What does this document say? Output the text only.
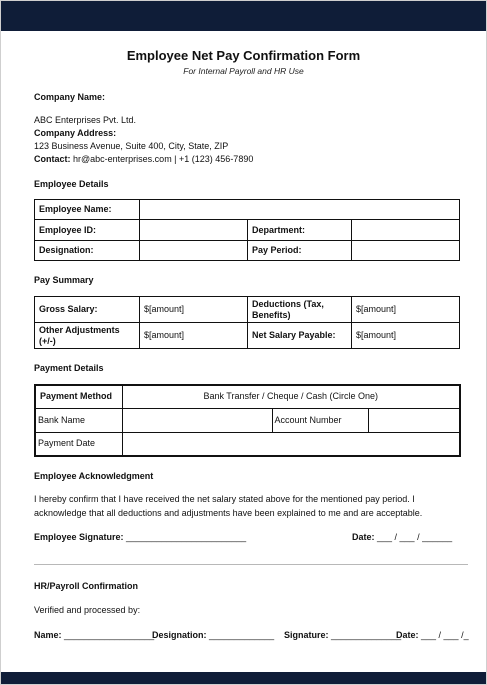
Employee Net Pay Confirmation Form
For Internal Payroll and HR Use
Company Name:
ABC Enterprises Pvt. Ltd.
Company Address:
123 Business Avenue, Suite 400, City, State, ZIP
Contact: hr@abc-enterprises.com | +1 (123) 456-7890
Employee Details
Employee Name:			
Employee ID:		Department:	
Designation:		Pay Period:	
Pay Summary
Gross Salary:	$[amount]	Deductions (Tax, Benefits)	$[amount]
Other Adjustments (+/-)	$[amount]	Net Salary Payable:	$[amount]
Payment Details
Payment Method	Bank Transfer / Cheque / Cash (Circle One)		
Bank Name		Account Number	
Payment Date			
Employee Acknowledgment
I hereby confirm that I have received the net salary stated above for the mentioned pay period. I
acknowledge that all deductions and adjustments have been explained to me and are acceptable.
Employee Signature: ________________________	Date: ___ / ___ / ______
HR/Payroll Confirmation
Verified and processed by:
Name: __________________
Designation: _____________ Signature: ______________
Date: ___ / ___ /_
